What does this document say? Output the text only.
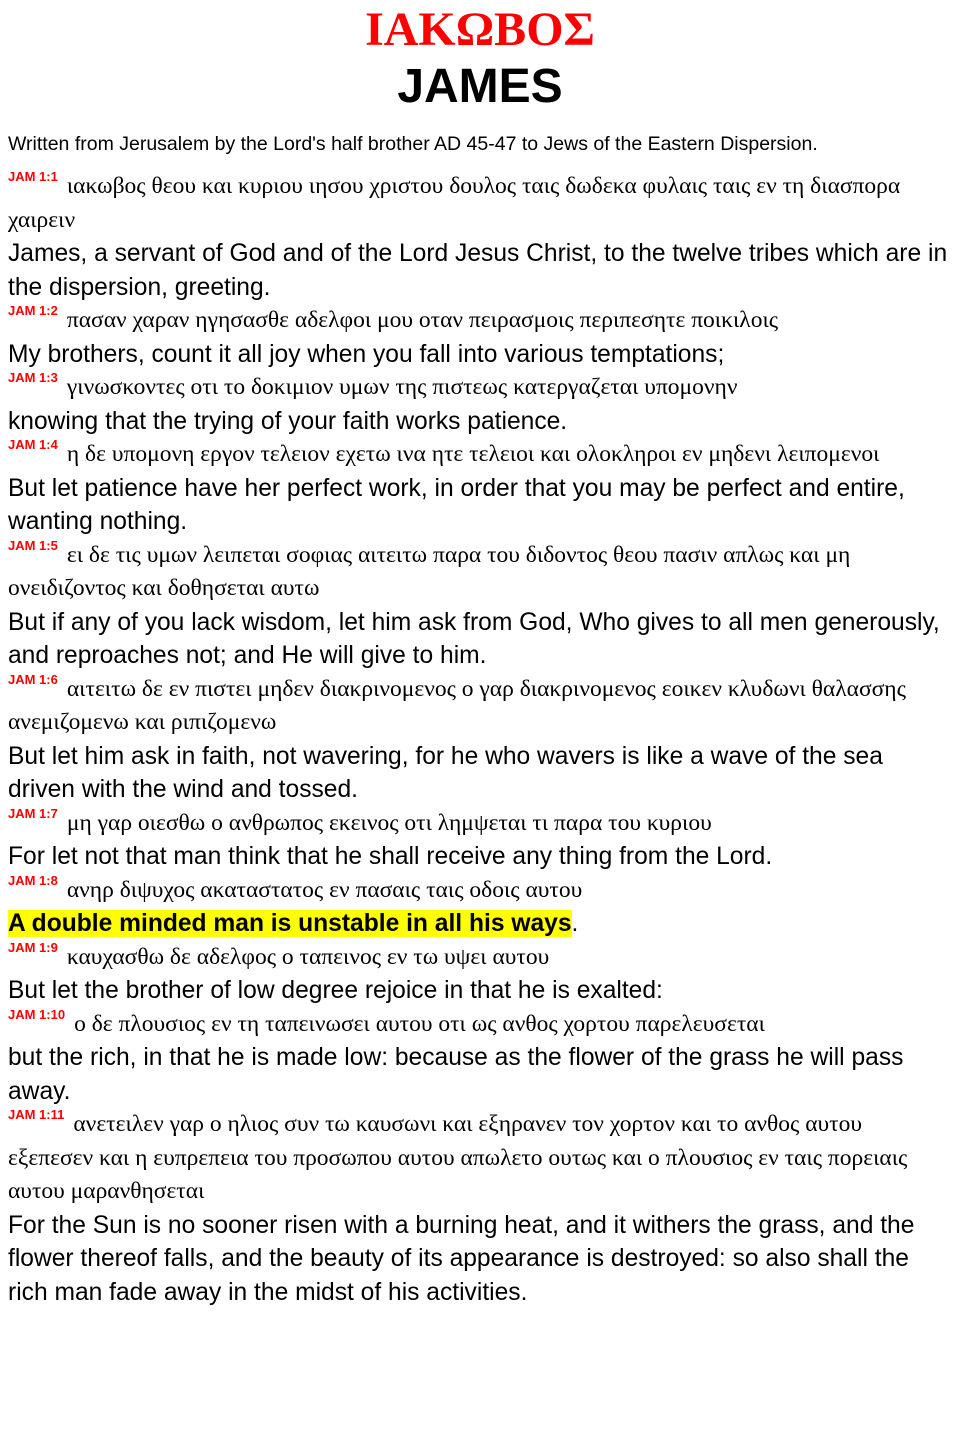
ΙΑΚΩΒΟΣ
JAMES

Written from Jerusalem by the Lord's half brother AD 45-47 to Jews of the Eastern Dispersion.

$^{JAM 1:1}$ ιακωβος θεου και κυριου ιησου χριστου δουλος ταις δωδεκα φυλαις ταις εν τη διασπορα χαιρειν

James, a servant of God and of the Lord Jesus Christ, to the twelve tribes which are in the dispersion, greeting.

$^{JAM 1:2}$ πασαν χαραν ηγησασθε αδελφοι μου οταν πειρασμοις περιπεσητε ποικιλοις

My brothers, count it all joy when you fall into various temptations;

$^{JAM 1:3}$ γινωσκοντες οτι το δοκιμιον υμων της πιστεως κατεργαζεται υπομονην

knowing that the trying of your faith works patience.

$^{JAM 1:4}$ η δε υπομονη εργον τελειον εχετω ινα ητε τελειοι και ολοκληροι εν μηδενι λειπομενοι

But let patience have her perfect work, in order that you may be perfect and entire, wanting nothing.

$^{JAM 1:5}$ ει δε τις υμων λειπεται σοφιας αιτειτω παρα του διδοντος θεου πασιν απλως και μη ονειδιζοντος και δοθησεται αυτω

But if any of you lack wisdom, let him ask from God, Who gives to all men generously, and reproaches not; and He will give to him.

$^{JAM 1:6}$ αιτειτω δε εν πιστει μηδεν διακρινομενος ο γαρ διακρινομενος εοικεν κλυδωνι θαλασσης ανεμιζομενω και ριπιζομενω

But let him ask in faith, not wavering, for he who wavers is like a wave of the sea driven with the wind and tossed.

$^{JAM 1:7}$ μη γαρ οιεσθω ο ανθρωπος εκεινος οτι λημψεται τι παρα του κυριου

For let not that man think that he shall receive any thing from the Lord.

$^{JAM 1:8}$ ανηρ διψυχος ακαταστατος εν πασαις ταις οδοις αυτου

A double minded man is unstable in all his ways.

$^{JAM 1:9}$ καυχασθω δε αδελφος ο ταπεινος εν τω υψει αυτου

But let the brother of low degree rejoice in that he is exalted:

$^{JAM 1:10}$ ο δε πλουσιος εν τη ταπεινωσει αυτου οτι ως ανθος χορτου παρελευσεται

but the rich, in that he is made low: because as the flower of the grass he will pass away.

$^{JAM 1:11}$ ανετειλεν γαρ ο ηλιος συν τω καυσωνι και εξηρανεν τον χορτον και το ανθος αυτου εξεπεσεν και η ευπρεπεια του προσωπου αυτου απωλετο ουτως και ο πλουσιος εν ταις πορειαις αυτου μαρανθησεται

For the Sun is no sooner risen with a burning heat, and it withers the grass, and the flower thereof falls, and the beauty of its appearance is destroyed: so also shall the rich man fade away in the midst of his activities.
